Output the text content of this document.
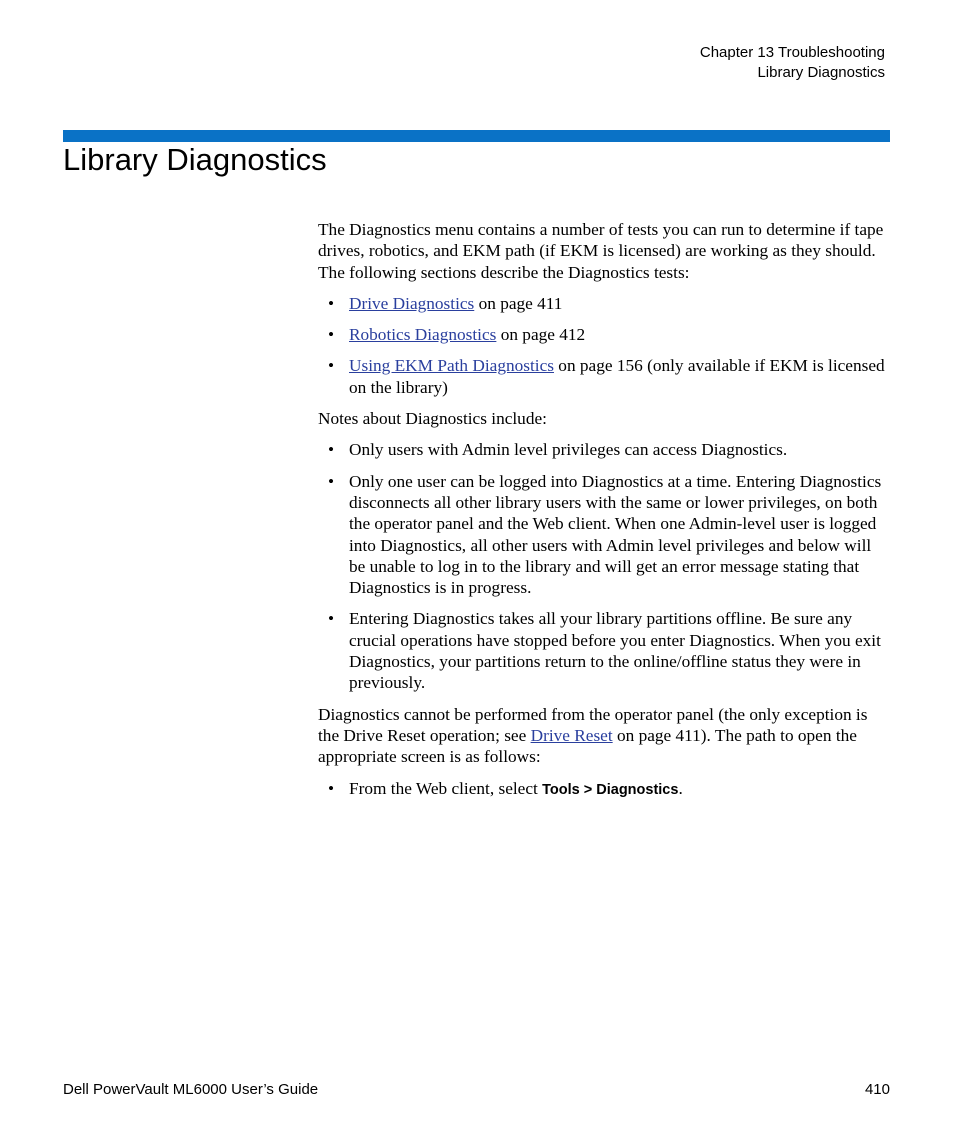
Chapter 13 Troubleshooting
Library Diagnostics
Library Diagnostics

The Diagnostics menu contains a number of tests you can run to determine if tape drives, robotics, and EKM path (if EKM is licensed) are working as they should. The following sections describe the Diagnostics tests:

• Drive Diagnostics on page 411
• Robotics Diagnostics on page 412
• Using EKM Path Diagnostics on page 156 (only available if EKM is licensed on the library)

Notes about Diagnostics include:

• Only users with Admin level privileges can access Diagnostics.
• Only one user can be logged into Diagnostics at a time. Entering Diagnostics disconnects all other library users with the same or lower privileges, on both the operator panel and the Web client. When one Admin-level user is logged into Diagnostics, all other users with Admin level privileges and below will be unable to log in to the library and will get an error message stating that Diagnostics is in progress.
• Entering Diagnostics takes all your library partitions offline. Be sure any crucial operations have stopped before you enter Diagnostics. When you exit Diagnostics, your partitions return to the online/offline status they were in previously.

Diagnostics cannot be performed from the operator panel (the only exception is the Drive Reset operation; see Drive Reset on page 411). The path to open the appropriate screen is as follows:

• From the Web client, select Tools > Diagnostics.
Dell PowerVault ML6000 User’s Guide	410
